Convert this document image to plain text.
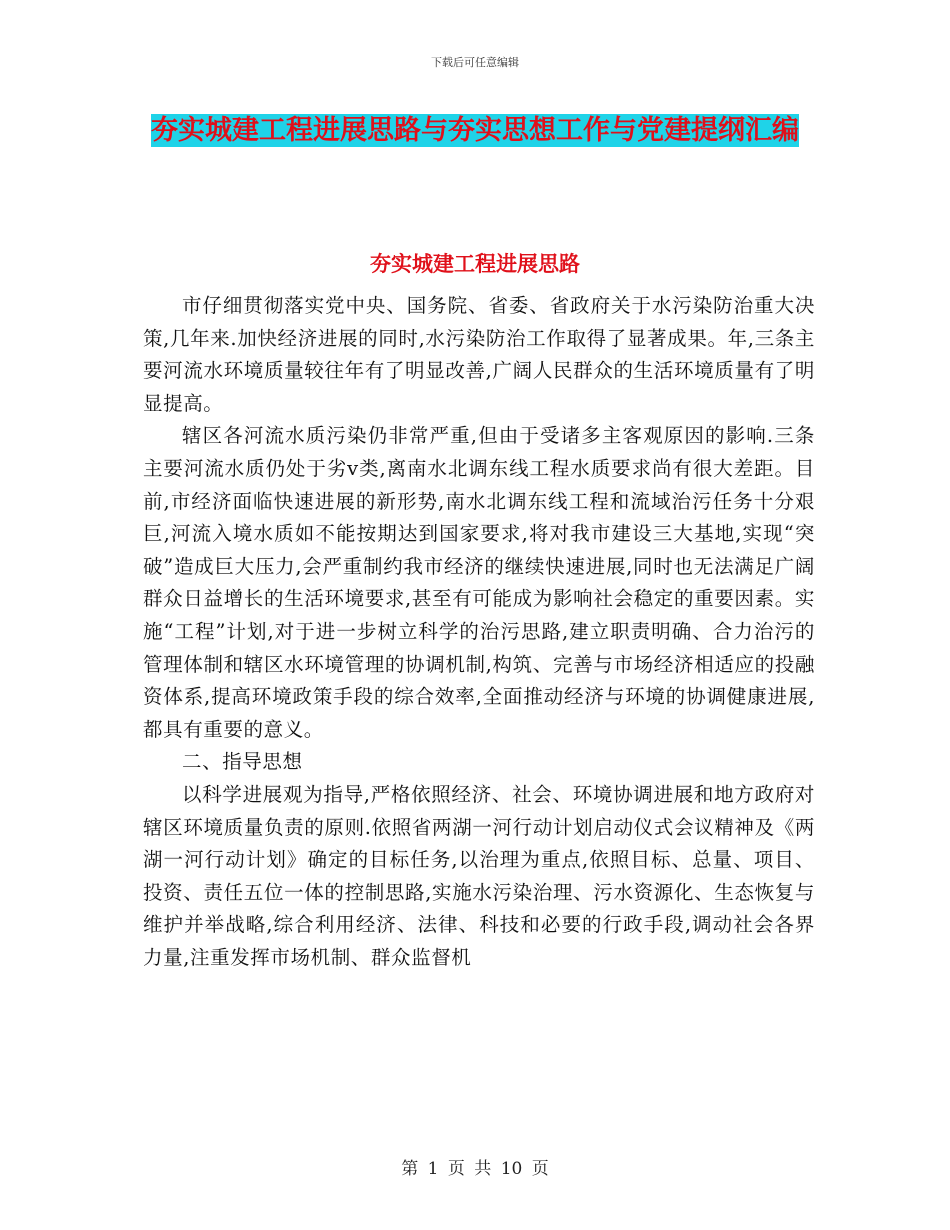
下载后可任意编辑
夯实城建工程进展思路与夯实思想工作与党建提纲汇编
夯实城建工程进展思路

市仔细贯彻落实党中央、国务院、省委、省政府关于水污染防治重大决策,几年来.加快经济进展的同时,水污染防治工作取得了显著成果。年,三条主要河流水环境质量较往年有了明显改善,广阔人民群众的生活环境质量有了明显提高。

辖区各河流水质污染仍非常严重,但由于受诸多主客观原因的影响.三条主要河流水质仍处于劣ⅴ类,离南水北调东线工程水质要求尚有很大差距。目前,市经济面临快速进展的新形势,南水北调东线工程和流域治污任务十分艰巨,河流入境水质如不能按期达到国家要求,将对我市建设三大基地,实现“突破”造成巨大压力,会严重制约我市经济的继续快速进展,同时也无法满足广阔群众日益增长的生活环境要求,甚至有可能成为影响社会稳定的重要因素。实施“工程”计划,对于进一步树立科学的治污思路,建立职责明确、合力治污的管理体制和辖区水环境管理的协调机制,构筑、完善与市场经济相适应的投融资体系,提高环境政策手段的综合效率,全面推动经济与环境的协调健康进展,都具有重要的意义。

二、指导思想

以科学进展观为指导,严格依照经济、社会、环境协调进展和地方政府对辖区环境质量负责的原则.依照省两湖一河行动计划启动仪式会议精神及《两湖一河行动计划》确定的目标任务,以治理为重点,依照目标、总量、项目、投资、责任五位一体的控制思路,实施水污染治理、污水资源化、生态恢复与维护并举战略,综合利用经济、法律、科技和必要的行政手段,调动社会各界力量,注重发挥市场机制、群众监督机

第 1 页 共 10 页
